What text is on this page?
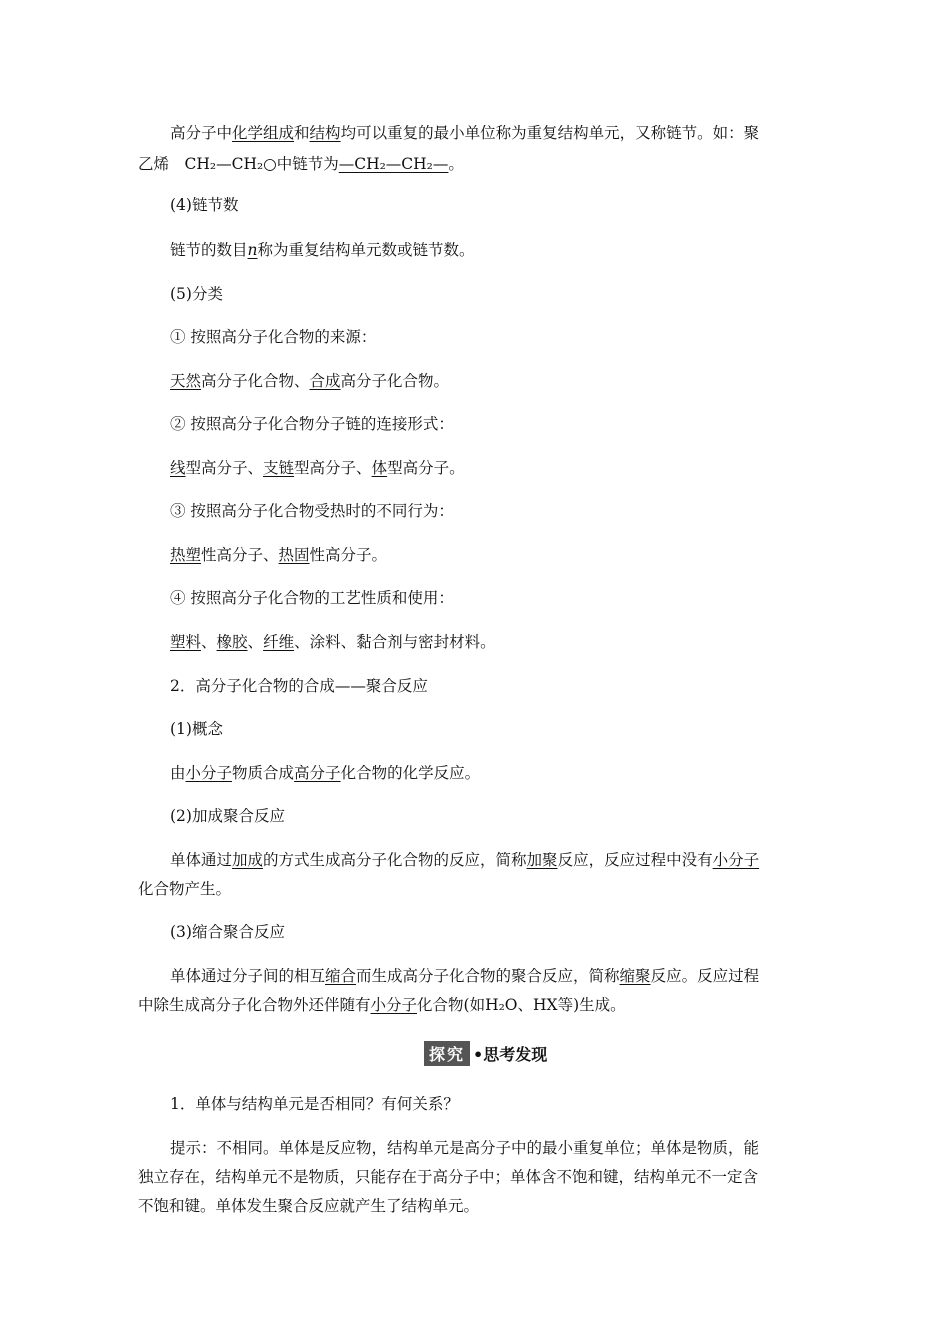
高分子中化学组成和结构均可以重复的最小单位称为重复结构单元，又称链节。如：聚
乙烯　CH₂—CH₂○中链节为—CH₂—CH₂—。
(4)链节数
链节的数目n称为重复结构单元数或链节数。
(5)分类
① 按照高分子化合物的来源：
天然高分子化合物、合成高分子化合物。
② 按照高分子化合物分子链的连接形式：
线型高分子、支链型高分子、体型高分子。
③ 按照高分子化合物受热时的不同行为：
热塑性高分子、热固性高分子。
④ 按照高分子化合物的工艺性质和使用：
塑料、橡胶、纤维、涂料、黏合剂与密封材料。
2．高分子化合物的合成——聚合反应
(1)概念
由小分子物质合成高分子化合物的化学反应。
(2)加成聚合反应
单体通过加成的方式生成高分子化合物的反应，简称加聚反应，反应过程中没有小分子
化合物产生。
(3)缩合聚合反应
单体通过分子间的相互缩合而生成高分子化合物的聚合反应，简称缩聚反应。反应过程
中除生成高分子化合物外还伴随有小分子化合物(如H₂O、HX等)生成。
探究 •思考发现
1．单体与结构单元是否相同？有何关系？
提示：不相同。单体是反应物，结构单元是高分子中的最小重复单位；单体是物质，能
独立存在，结构单元不是物质，只能存在于高分子中；单体含不饱和键，结构单元不一定含
不饱和键。单体发生聚合反应就产生了结构单元。
